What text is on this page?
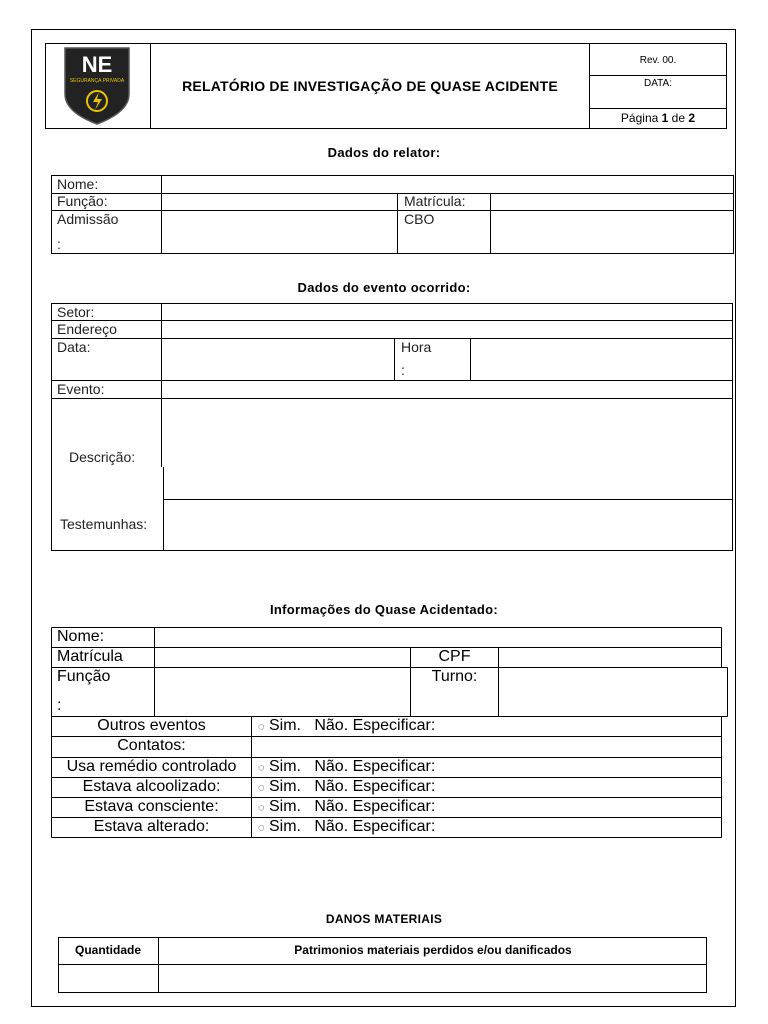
NE
SEGURANÇA PRIVADA	RELATÓRIO DE INVESTIGAÇÃO DE QUASE ACIDENTE
Rev. 00.
DATA:
Página 1 de 2
Dados do relator:
Nome:
Função:	Matrícula:
Admissão
:
CBO
Dados do evento ocorrido:
Setor:
Endereço
Data:	Hora
:
Evento:
Descrição:
Testemunhas:
Informações do Quase Acidentado:
Nome:
Matrícula	CPF
Função
:
Turno:
Outros eventos	◌ Sim.   Não. Especificar:
Contatos:
Usa remédio controlado	◌ Sim.   Não. Especificar:
Estava alcoolizado:	◌ Sim.   Não. Especificar:
Estava consciente:	◌ Sim.   Não. Especificar:
Estava alterado:	◌ Sim.   Não. Especificar:
DANOS MATERIAIS
Quantidade	Patrimonios materiais perdidos e/ou danificados
